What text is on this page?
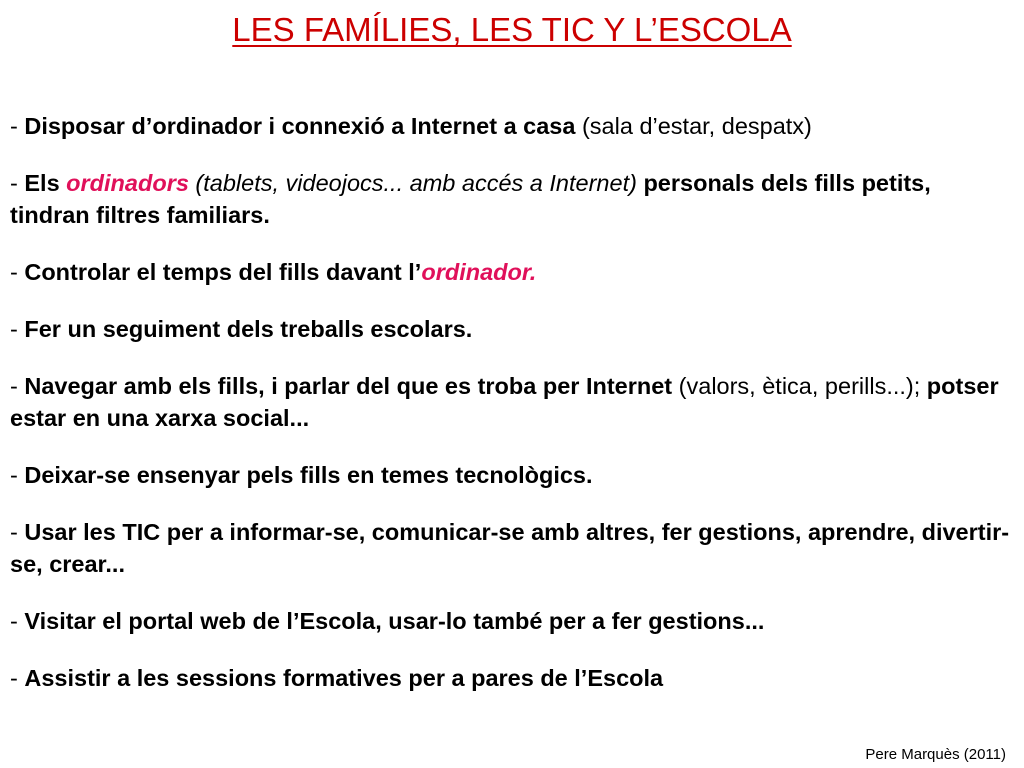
LES FAMÍLIES, LES TIC Y L’ESCOLA
- Disposar d’ordinador i connexió a Internet a casa (sala d’estar, despatx)
- Els ordinadors (tablets, videojocs... amb accés a Internet) personals dels fills petits, tindran filtres familiars.
- Controlar el temps del fills davant l’ordinador.
- Fer un seguiment dels treballs escolars.
- Navegar amb els fills, i parlar del que es troba per Internet (valors, ètica, perills...); potser estar en una xarxa social...
- Deixar-se ensenyar pels fills en temes tecnològics.
- Usar les TIC per a informar-se, comunicar-se amb altres, fer gestions, aprendre, divertir-se, crear...
- Visitar el portal web de l’Escola, usar-lo també per a fer gestions...
- Assistir a les sessions formatives per a pares de l’Escola
Pere Marquès (2011)
